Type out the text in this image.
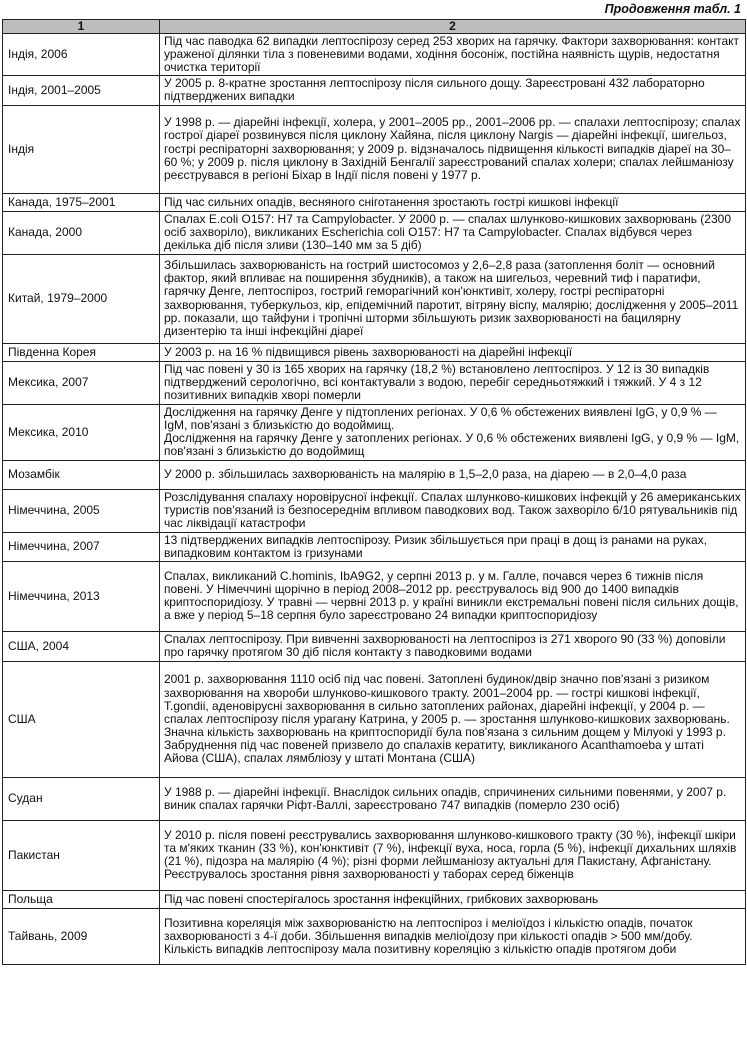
Продовження табл. 1
1	2
Індія, 2006	Під час паводка 62 випадки лептоспірозу серед 253 хворих на гарячку. Фактори захворювання: контакт ураженої ділянки тіла з повеневими водами, ходіння босоніж, постійна наявність щурів, недостатня очистка території
Індія, 2001–2005	У 2005 р. 8-кратне зростання лептоспірозу після сильного дощу. Зареєстровані 432 лабораторно підтверджених випадки
Індія	У 1998 р. — діарейні інфекції, холера, у 2001–2005 рр., 2001–2006 рр. — спалахи лептоспірозу; спалах гострої діареї розвинувся після циклону Хайяна, після циклону Nargis — діарейні інфекції, шигельоз, гострі респіраторні захворювання; у 2009 р. відзначалось підвищення кількості випадків діареї на 30–60 %; у 2009 р. після циклону в Західній Бенгалії зареєстрований спалах холери; спалах лейшманіозу реєструвався в регіоні Біхар в Індії після повені у 1977 р.
Канада, 1975–2001	Під час сильних опадів, весняного сніготанення зростають гострі кишкові інфекції
Канада, 2000	Спалах E.coli O157: H7 та Campylobacter. У 2000 р. — спалах шлунково-кишкових захворювань (2300 осіб захворіло), викликаних Escherichia coli O157: H7 та Campylobacter. Спалах відбувся через декілька діб після зливи (130–140 мм за 5 діб)
Китай, 1979–2000	Збільшилась захворюваність на гострий шистосомоз у 2,6–2,8 раза (затоплення боліт — основний фактор, який впливає на поширення збудників), а також на шигельоз, черевний тиф і паратифи, гарячку Денге, лептоспіроз, гострий геморагічний кон'юнктивіт, холеру, гострі респіраторні захворювання, туберкульоз, кір, епідемічний паротит, вітряну віспу, малярію; дослідження у 2005–2011 рр. показали, що тайфуни і тропічні шторми збільшують ризик захворюваності на бацилярну дизентерію та інші інфекційні діареї
Південна Корея	У 2003 р. на 16 % підвищився рівень захворюваності на діарейні інфекції
Мексика, 2007	Під час повені у 30 із 165 хворих на гарячку (18,2 %) встановлено лептоспіроз. У 12 із 30 випадків підтверджений серологічно, всі контактували з водою, перебіг середньотяжкий і тяжкий. У 4 з 12 позитивних випадків хворі померли
Мексика, 2010	Дослідження на гарячку Денге у підтоплених регіонах. У 0,6 % обстежених виявлені IgG, у 0,9 % — IgM, пов'язані з близькістю до водоймищ.
Дослідження на гарячку Денге у затоплених регіонах. У 0,6 % обстежених виявлені IgG, у 0,9 % — IgM, пов'язані з близькістю до водоймищ

Мозамбік	У 2000 р. збільшилась захворюваність на малярію в 1,5–2,0 раза, на діарею — в 2,0–4,0 раза
Німеччина, 2005	Розслідування спалаху норовірусної інфекції. Спалах шлунково-кишкових інфекцій у 26 американських туристів пов'язаний із безпосереднім впливом паводкових вод. Також захворіло 6/10 рятувальників під час ліквідації катастрофи
Німеччина, 2007	13 підтверджених випадків лептоспірозу. Ризик збільшується при праці в дощ із ранами на руках, випадковим контактом із гризунами
Німеччина, 2013	Спалах, викликаний C.hominis, IbA9G2, у серпні 2013 р. у м. Галле, почався через 6 тижнів після повені. У Німеччині щорічно в період 2008–2012 рр. реєструвалось від 900 до 1400 випадків криптоспоридіозу. У травні — червні 2013 р. у країні виникли екстремальні повені після сильних дощів, а вже у період 5–18 серпня було зареєстровано 24 випадки криптоспоридіозу
США, 2004	Спалах лептоспірозу. При вивченні захворюваності на лептоспіроз із 271 хворого 90 (33 %) доповіли про гарячку протягом 30 діб після контакту з паводковими водами
США	2001 р. захворювання 1110 осіб під час повені. Затоплені будинок/двір значно пов'язані з ризиком захворювання на хвороби шлунково-кишкового тракту. 2001–2004 рр. — гострі кишкові інфекції, T.gondii, аденовірусні захворювання в сильно затоплених районах, діарейні інфекції, у 2004 р. — спалах лептоспірозу після урагану Катрина, у 2005 р. — зростання шлунково-кишкових захворювань. Значна кількість захворювань на криптоспоридії була пов'язана з сильним дощем у Мілуокі у 1993 р. Забруднення під час повеней призвело до спалахів кератиту, викликаного Acanthamoeba у штаті Айова (США), спалах лямбліозу у штаті Монтана (США)
Судан	У 1988 р. — діарейні інфекції. Внаслідок сильних опадів, спричинених сильними повенями, у 2007 р. виник спалах гарячки Ріфт-Валлі, зареєстровано 747 випадків (померло 230 осіб)
Пакистан	У 2010 р. після повені реєструвались захворювання шлунково-кишкового тракту (30 %), інфекції шкіри та м'яких тканин (33 %), кон'юнктивіт (7 %), інфекції вуха, носа, горла (5 %), інфекції дихальних шляхів (21 %), підозра на малярію (4 %); різні форми лейшманіозу актуальні для Пакистану, Афганістану. Реєструвалось зростання рівня захворюваності у таборах серед біженців
Польща	Під час повені спостерігалось зростання інфекційних, грибкових захворювань
Тайвань, 2009	Позитивна кореляція між захворюваністю на лептоспіроз і меліоїдоз і кількістю опадів, початок захворюваності з 4-ї доби. Збільшення випадків меліоїдозу при кількості опадів > 500 мм/добу. Кількість випадків лептоспірозу мала позитивну кореляцію з кількістю опадів протягом доби
